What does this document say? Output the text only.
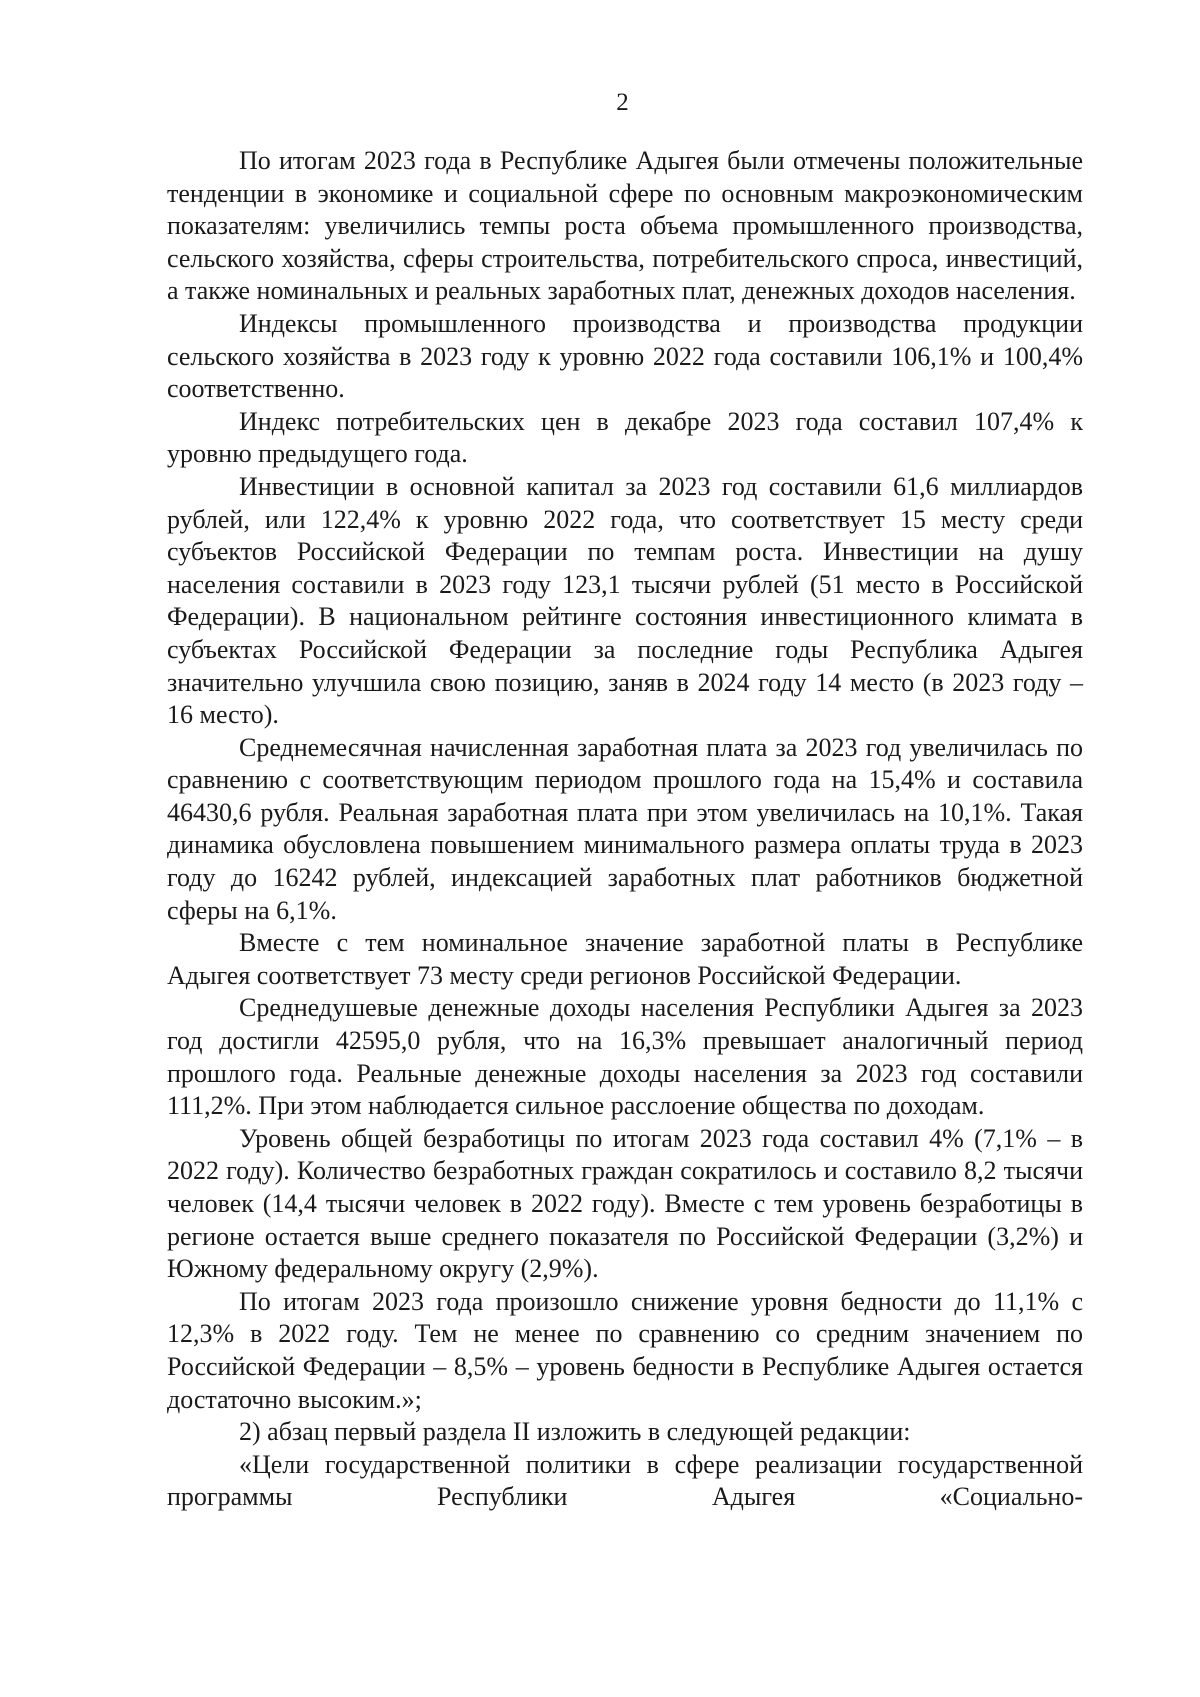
2

По итогам 2023 года в Республике Адыгея были отмечены положительные тенденции в экономике и социальной сфере по основным макроэкономическим показателям: увеличились темпы роста объема промышленного производства, сельского хозяйства, сферы строительства, потребительского спроса, инвестиций, а также номинальных и реальных заработных плат, денежных доходов населения.

Индексы промышленного производства и производства продукции сельского хозяйства в 2023 году к уровню 2022 года составили 106,1% и 100,4% соответственно.

Индекс потребительских цен в декабре 2023 года составил 107,4% к уровню предыдущего года.

Инвестиции в основной капитал за 2023 год составили 61,6 миллиардов рублей, или 122,4% к уровню 2022 года, что соответствует 15 месту среди субъектов Российской Федерации по темпам роста. Инвестиции на душу населения составили в 2023 году 123,1 тысячи рублей (51 место в Российской Федерации). В национальном рейтинге состояния инвестиционного климата в субъектах Российской Федерации за последние годы Республика Адыгея значительно улучшила свою позицию, заняв в 2024 году 14 место (в 2023 году – 16 место).

Среднемесячная начисленная заработная плата за 2023 год увеличилась по сравнению с соответствующим периодом прошлого года на 15,4% и составила 46430,6 рубля. Реальная заработная плата при этом увеличилась на 10,1%. Такая динамика обусловлена повышением минимального размера оплаты труда в 2023 году до 16242 рублей, индексацией заработных плат работников бюджетной сферы на 6,1%.

Вместе с тем номинальное значение заработной платы в Республике Адыгея соответствует 73 месту среди регионов Российской Федерации.

Среднедушевые денежные доходы населения Республики Адыгея за 2023 год достигли 42595,0 рубля, что на 16,3% превышает аналогичный период прошлого года. Реальные денежные доходы населения за 2023 год составили 111,2%. При этом наблюдается сильное расслоение общества по доходам.

Уровень общей безработицы по итогам 2023 года составил 4% (7,1% – в 2022 году). Количество безработных граждан сократилось и составило 8,2 тысячи человек (14,4 тысячи человек в 2022 году). Вместе с тем уровень безработицы в регионе остается выше среднего показателя по Российской Федерации (3,2%) и Южному федеральному округу (2,9%).

По итогам 2023 года произошло снижение уровня бедности до 11,1% с 12,3% в 2022 году. Тем не менее по сравнению со средним значением по Российской Федерации – 8,5% – уровень бедности в Республике Адыгея остается достаточно высоким.»;

2) абзац первый раздела II изложить в следующей редакции:

«Цели государственной политики в сфере реализации государственной программы Республики Адыгея «Социально-
